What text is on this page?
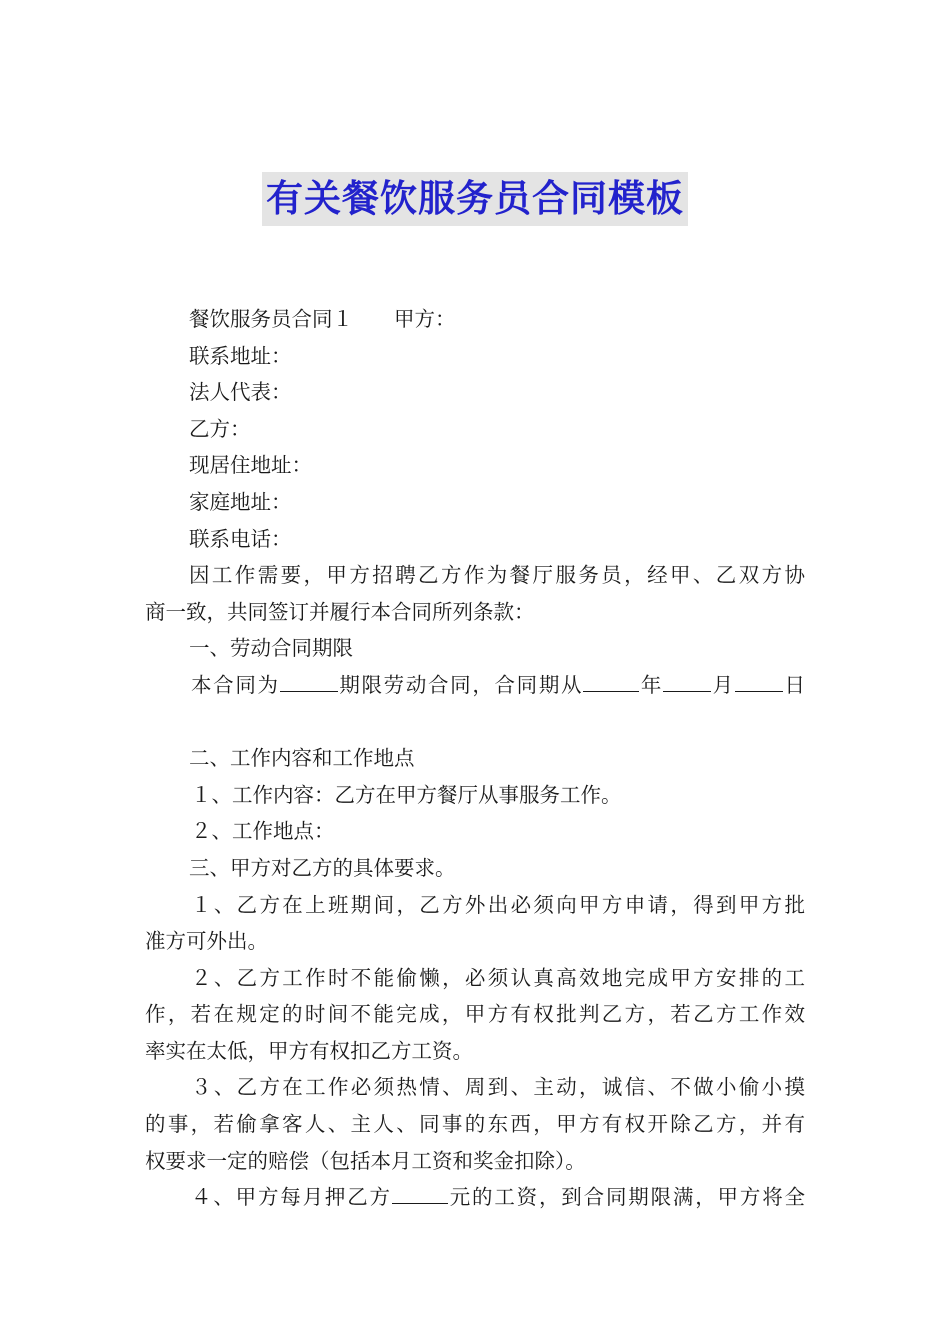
有关餐饮服务员合同模板
餐饮服务员合同１　　甲方：
联系地址：
法人代表：
乙方：
现居住地址：
家庭地址：
联系电话：
因工作需要，甲方招聘乙方作为餐厅服务员，经甲、乙双方协
商一致，共同签订并履行本合同所列条款：
一、劳动合同期限
本合同为	期限劳动合同，合同期从	年 月 日

二、工作内容和工作地点
１、工作内容：乙方在甲方餐厅从事服务工作。
２、工作地点：
三、甲方对乙方的具体要求。
１、乙方在上班期间，乙方外出必须向甲方申请，得到甲方批
准方可外出。
２、乙方工作时不能偷懒，必须认真高效地完成甲方安排的工
作，若在规定的时间不能完成，甲方有权批判乙方，若乙方工作效
率实在太低，甲方有权扣乙方工资。
３、乙方在工作必须热情、周到、主动，诚信、不做小偷小摸
的事，若偷拿客人、主人、同事的东西，甲方有权开除乙方，并有
权要求一定的赔偿（包括本月工资和奖金扣除）。
４、甲方每月押乙方	元的工资，到合同期限满，甲方将全
